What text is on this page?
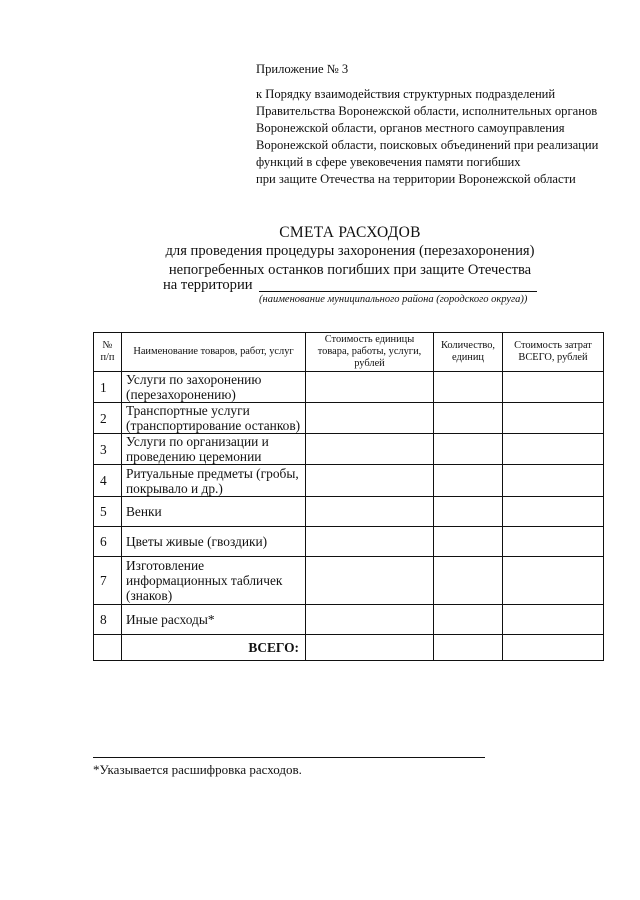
Приложение № 3
к Порядку взаимодействия структурных подразделений
Правительства Воронежской области, исполнительных органов
Воронежской области, органов местного самоуправления
Воронежской области, поисковых объединений при реализации
функций в сфере увековечения памяти погибших
при защите Отечества на территории Воронежской области
СМЕТА РАСХОДОВ
для проведения процедуры захоронения (перезахоронения)
непогребенных останков погибших при защите Отечества
на территории
(наименование муниципального района (городского округа))
№ п/п	Наименование товаров, работ, услуг	Стоимость единицы товара, работы, услуги, рублей	Количество, единиц	Стоимость затрат ВСЕГО, рублей
1	Услуги по захоронению (перезахоронению)			
2	Транспортные услуги (транспортирование останков)			
3	Услуги по организации и проведению церемонии			
4	Ритуальные предметы (гробы, покрывало и др.)			
5	Венки			
6	Цветы живые (гвоздики)			
7	Изготовление информационных табличек (знаков)			
8	Иные расходы*			
	ВСЕГО:			
*Указывается расшифровка расходов.
